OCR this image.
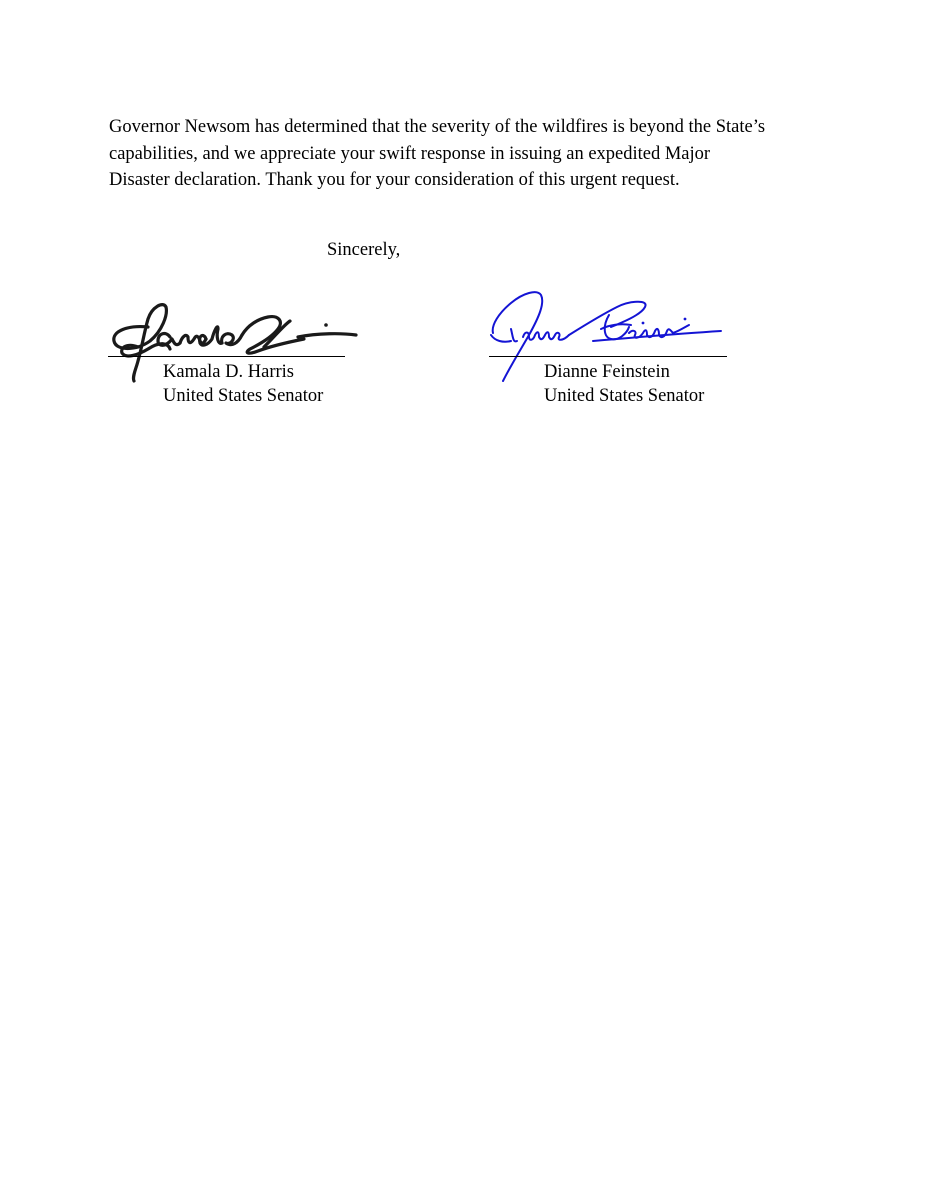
Governor Newsom has determined that the severity of the wildfires is beyond the State’s
capabilities, and we appreciate your swift response in issuing an expedited Major
Disaster declaration. Thank you for your consideration of this urgent request.

Sincerely,

Kamala D. Harris
United States Senator
Dianne Feinstein
United States Senator
